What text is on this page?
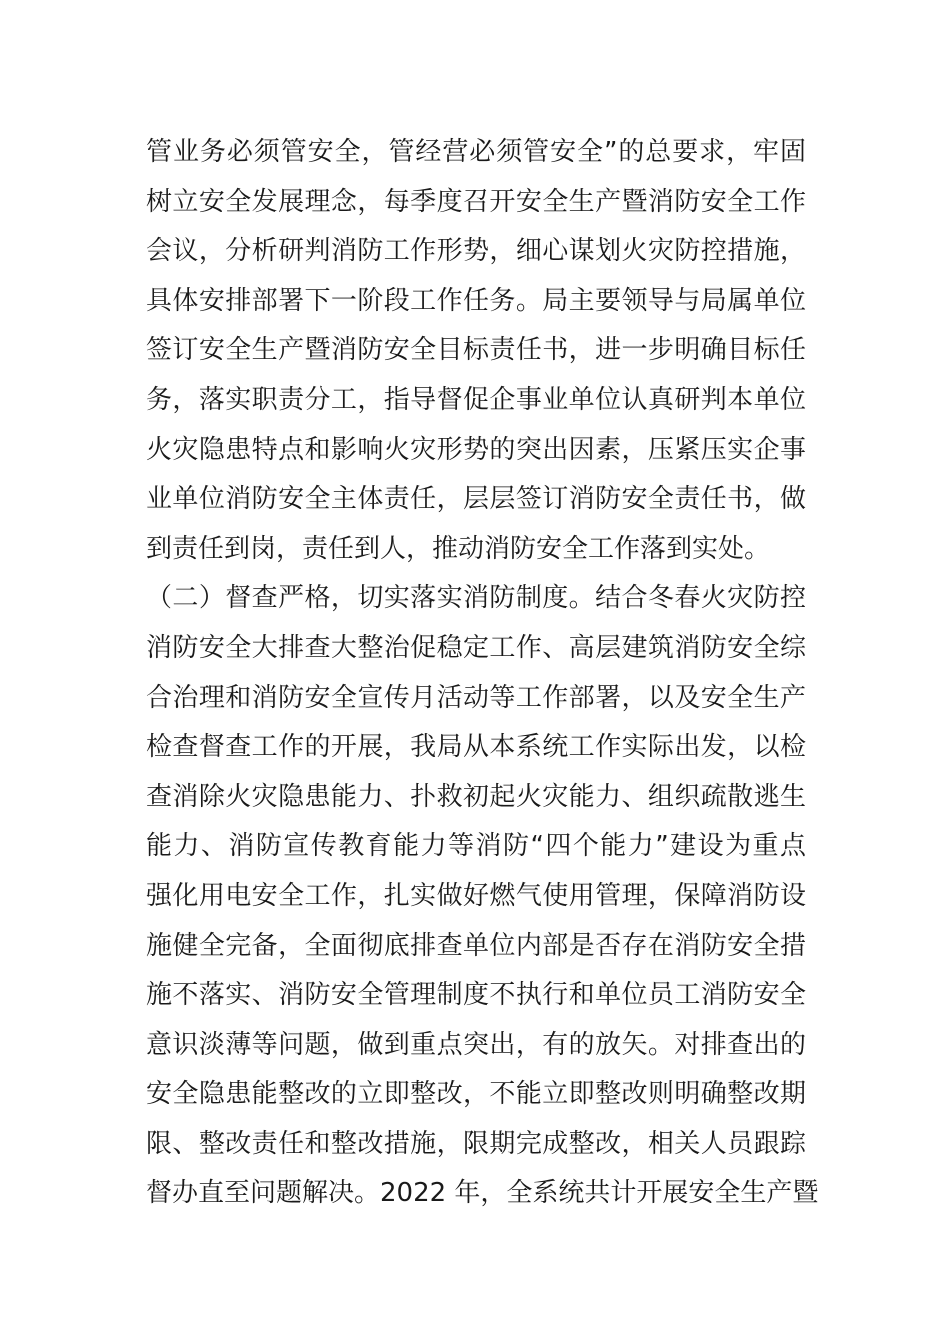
管业务必须管安全，管经营必须管安全”的总要求，牢固
树立安全发展理念，每季度召开安全生产暨消防安全工作
会议，分析研判消防工作形势，细心谋划火灾防控措施，
具体安排部署下一阶段工作任务。局主要领导与局属单位
签订安全生产暨消防安全目标责任书，进一步明确目标任
务，落实职责分工，指导督促企事业单位认真研判本单位
火灾隐患特点和影响火灾形势的突出因素，压紧压实企事
业单位消防安全主体责任，层层签订消防安全责任书，做
到责任到岗，责任到人，推动消防安全工作落到实处。
（二）督查严格，切实落实消防制度。结合冬春火灾防控
消防安全大排查大整治促稳定工作、高层建筑消防安全综
合治理和消防安全宣传月活动等工作部署，以及安全生产
检查督查工作的开展，我局从本系统工作实际出发，以检
查消除火灾隐患能力、扑救初起火灾能力、组织疏散逃生
能力、消防宣传教育能力等消防“四个能力”建设为重点
强化用电安全工作，扎实做好燃气使用管理，保障消防设
施健全完备，全面彻底排查单位内部是否存在消防安全措
施不落实、消防安全管理制度不执行和单位员工消防安全
意识淡薄等问题，做到重点突出，有的放矢。对排查出的
安全隐患能整改的立即整改，不能立即整改则明确整改期
限、整改责任和整改措施，限期完成整改，相关人员跟踪
督办直至问题解决。2022 年，全系统共计开展安全生产暨
